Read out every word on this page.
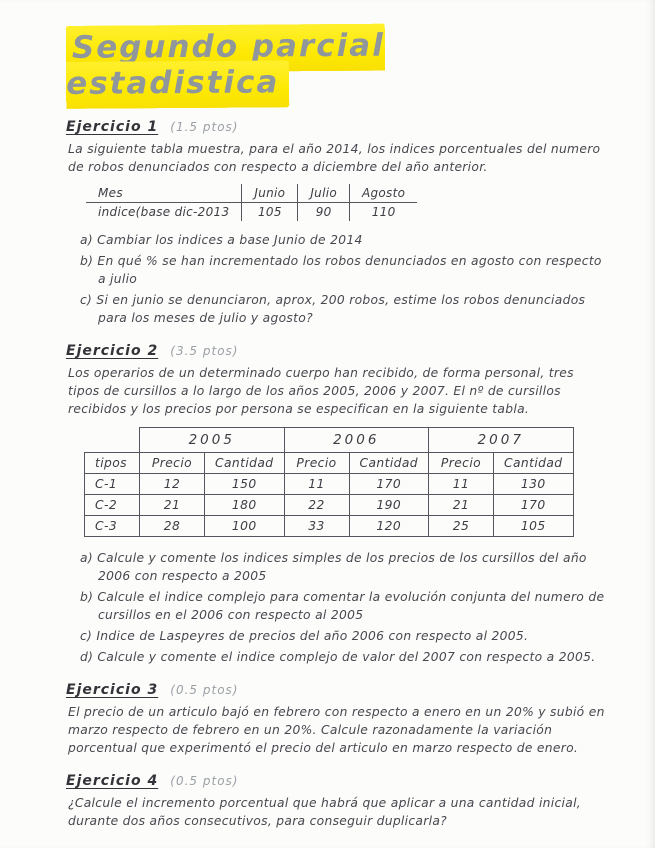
Segundo parcial estadistica
Ejercicio 1 (1.5 ptos)
La siguiente tabla muestra, para el año 2014, los indices porcentuales del numero de robos denunciados con respecto a diciembre del año anterior.
Mes	Junio	Julio	Agosto
indice(base dic-2013	105	90	110
a) Cambiar los indices a base Junio de 2014
b) En qué % se han incrementado los robos denunciados en agosto con respecto a julio
c) Si en junio se denunciaron, aprox, 200 robos, estime los robos denunciados para los meses de julio y agosto?
Ejercicio 2 (3.5 ptos)
Los operarios de un determinado cuerpo han recibido, de forma personal, tres tipos de cursillos a lo largo de los años 2005, 2006 y 2007. El nº de cursillos recibidos y los precios por persona se especifican en la siguiente tabla.
	2005		2006		2007	
tipos	Precio	Cantidad	Precio	Cantidad	Precio	Cantidad
C-1	12	150	11	170	11	130
C-2	21	180	22	190	21	170
C-3	28	100	33	120	25	105
a) Calcule y comente los indices simples de los precios de los cursillos del año 2006 con respecto a 2005
b) Calcule el indice complejo para comentar la evolución conjunta del numero de cursillos en el 2006 con respecto al 2005
c) Indice de Laspeyres de precios del año 2006 con respecto al 2005.
d) Calcule y comente el indice complejo de valor del 2007 con respecto a 2005.
Ejercicio 3 (0.5 ptos)
El precio de un articulo bajó en febrero con respecto a enero en un 20% y subió en marzo respecto de febrero en un 20%. Calcule razonadamente la variación porcentual que experimentó el precio del articulo en marzo respecto de enero.
Ejercicio 4 (0.5 ptos)
¿Calcule el incremento porcentual que habrá que aplicar a una cantidad inicial, durante dos años consecutivos, para conseguir duplicarla?
